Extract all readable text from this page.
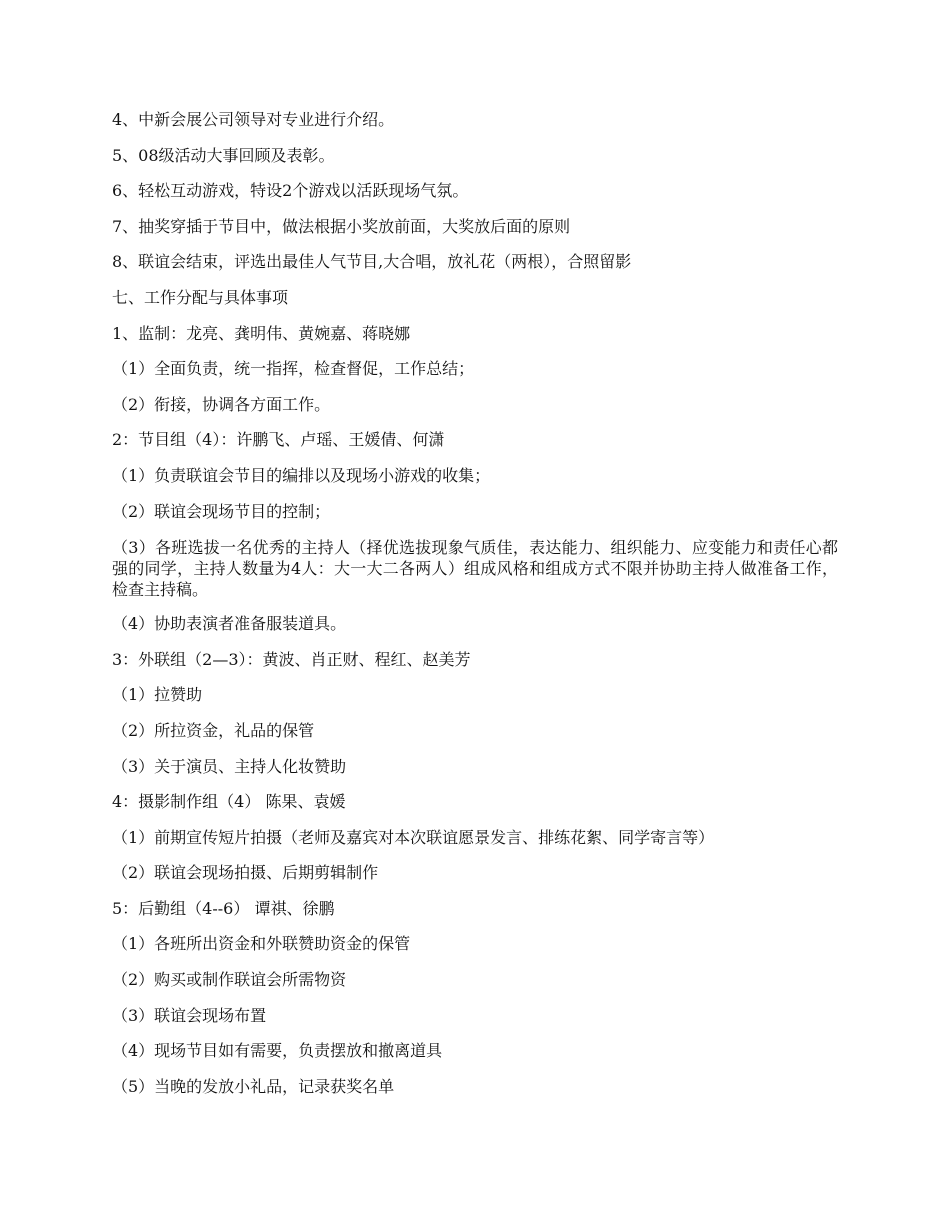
4、中新会展公司领导对专业进行介绍。

5、08级活动大事回顾及表彰。

6、轻松互动游戏，特设2个游戏以活跃现场气氛。

7、抽奖穿插于节目中，做法根据小奖放前面，大奖放后面的原则

8、联谊会结束，评选出最佳人气节目,大合唱，放礼花（两根），合照留影

七、工作分配与具体事项

1、监制：龙亮、龚明伟、黄婉嘉、蒋晓娜

（1）全面负责，统一指挥，检查督促，工作总结；

（2）衔接，协调各方面工作。

2：节目组（4）：许鹏飞、卢瑶、王媛倩、何潇

（1）负责联谊会节目的编排以及现场小游戏的收集；

（2）联谊会现场节目的控制；

（3）各班选拔一名优秀的主持人（择优选拔现象气质佳，表达能力、组织能力、应变能力和责任心都强的同学，主持人数量为4人：大一大二各两人）组成风格和组成方式不限并协助主持人做准备工作，检查主持稿。

（4）协助表演者准备服装道具。

3：外联组（2—3）：黄波、肖正财、程红、赵美芳

（1）拉赞助

（2）所拉资金，礼品的保管

（3）关于演员、主持人化妆赞助

4：摄影制作组（4） 陈果、袁媛

（1）前期宣传短片拍摄（老师及嘉宾对本次联谊愿景发言、排练花絮、同学寄言等）

（2）联谊会现场拍摄、后期剪辑制作

5：后勤组（4--6） 谭祺、徐鹏

（1）各班所出资金和外联赞助资金的保管

（2）购买或制作联谊会所需物资

（3）联谊会现场布置

（4）现场节目如有需要，负责摆放和撤离道具

（5）当晚的发放小礼品，记录获奖名单
